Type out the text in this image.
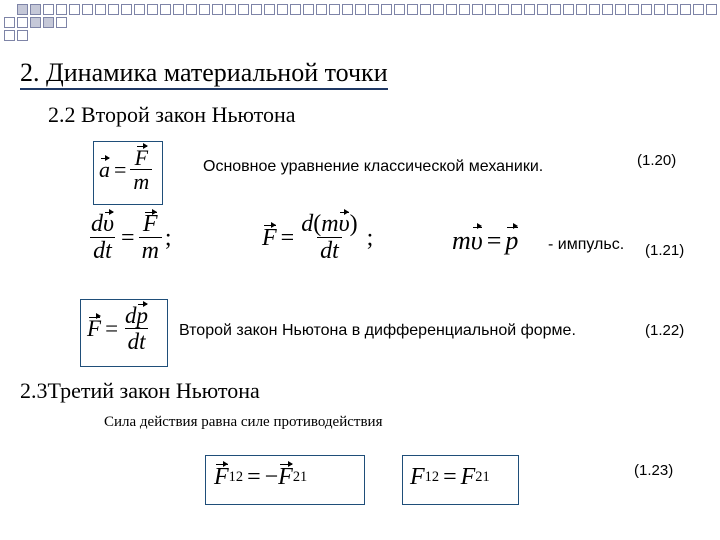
2. Динамика материальной точки
2.2 Второй закон Ньютона
$a = \frac{F}{m}$	Основное уравнение классической механики.	(1.20)
$\frac{d\upsilon}{dt} = \frac{F}{m}$ ;	$F = \frac{d(m\upsilon)}{dt}$ ;	m υ = p - импульс. (1.21)
$F = \frac{dp}{dt}$ Второй закон Ньютона в дифференциальной форме.	(1.22)
2.3Третий закон Ньютона
Сила действия равна силе противодействия
F 12 = − F 21	F 12 = F 21	(1.23)
